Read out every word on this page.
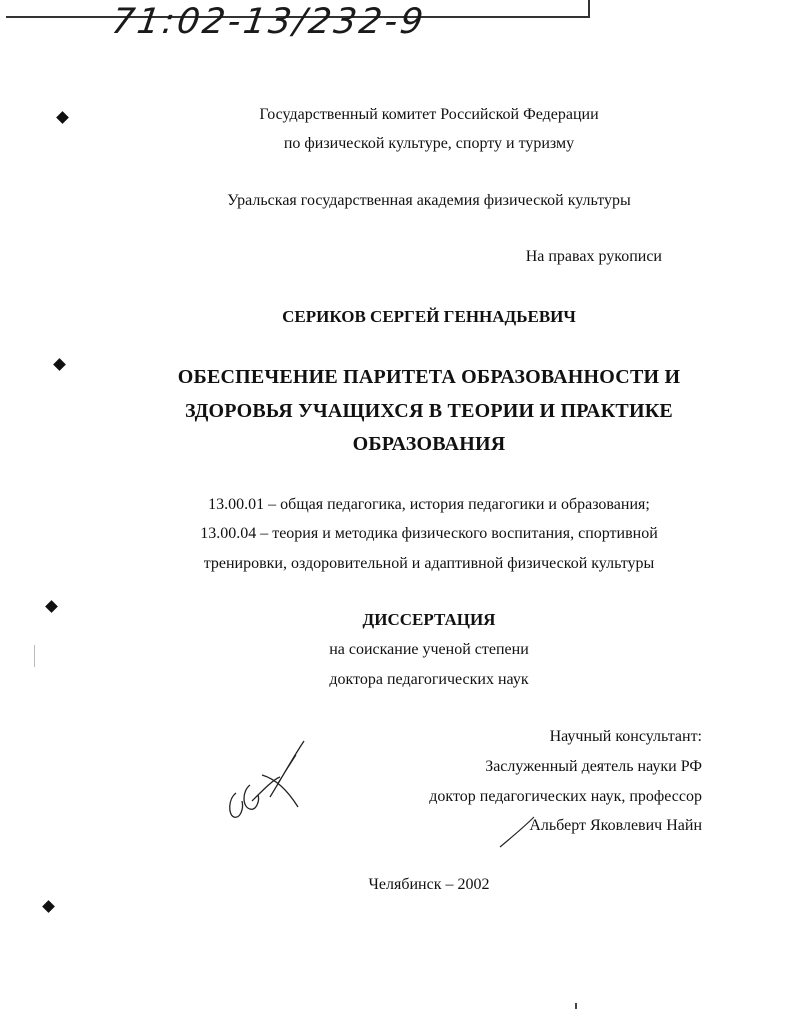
71:02-13/232-9
Государственный комитет Российской Федерации
по физической культуре, спорту и туризму
Уральская государственная академия физической культуры
На правах рукописи
СЕРИКОВ СЕРГЕЙ ГЕННАДЬЕВИЧ
ОБЕСПЕЧЕНИЕ ПАРИТЕТА ОБРАЗОВАННОСТИ И
ЗДОРОВЬЯ УЧАЩИХСЯ В ТЕОРИИ И ПРАКТИКЕ
ОБРАЗОВАНИЯ
13.00.01 – общая педагогика, история педагогики и образования;
13.00.04 – теория и методика физического воспитания, спортивной
тренировки, оздоровительной и адаптивной физической культуры
ДИССЕРТАЦИЯ
на соискание ученой степени
доктора педагогических наук
Научный консультант:
Заслуженный деятель науки РФ
доктор педагогических наук, профессор
Альберт Яковлевич Найн
Челябинск – 2002
